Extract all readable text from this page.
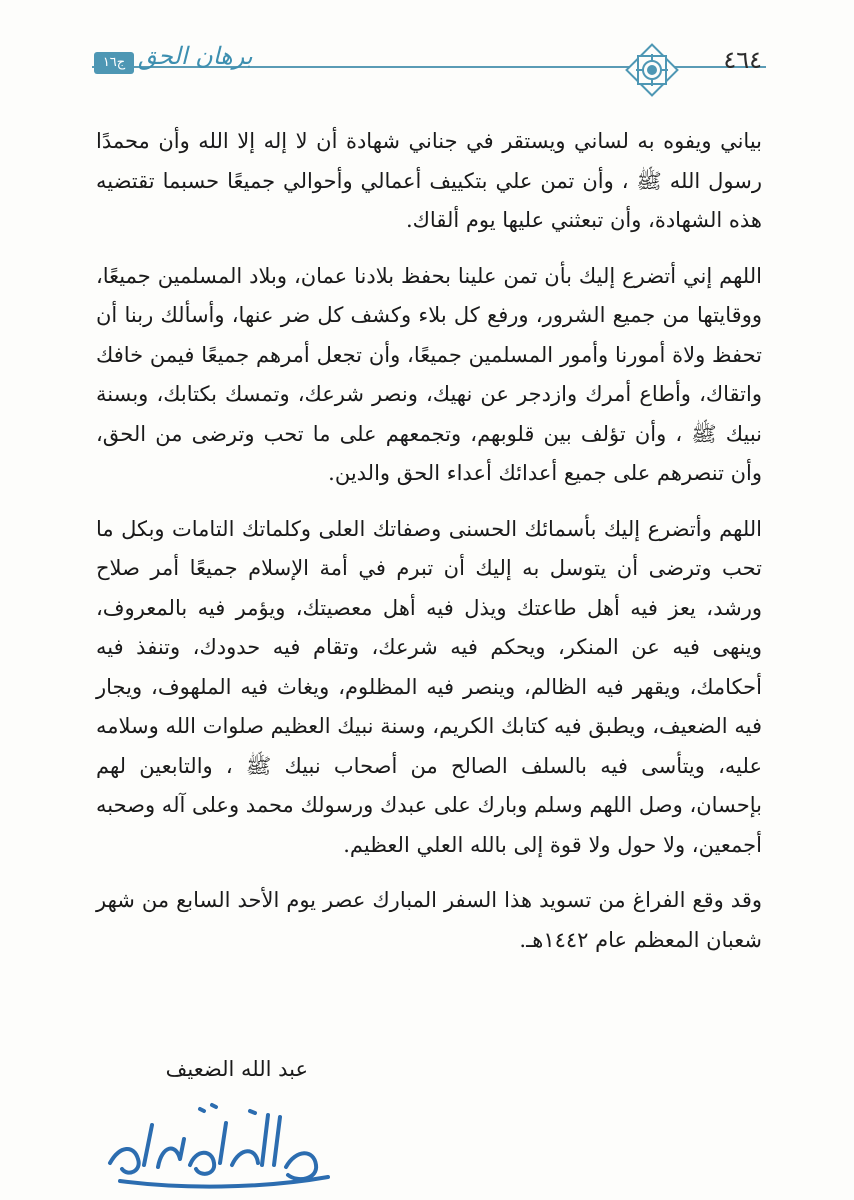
ج١٦ برهان الحق	٤٦٤

بياني ويفوه به لساني ويستقر في جناني شهادة أن لا إله إلا الله وأن محمدًا رسول الله ﷺ ، وأن تمن علي بتكييف أعمالي وأحوالي جميعًا حسبما تقتضيه هذه الشهادة، وأن تبعثني عليها يوم ألقاك.

اللهم إني أتضرع إليك بأن تمن علينا بحفظ بلادنا عمان، وبلاد المسلمين جميعًا، ووقايتها من جميع الشرور، ورفع كل بلاء وكشف كل ضر عنها، وأسألك ربنا أن تحفظ ولاة أمورنا وأمور المسلمين جميعًا، وأن تجعل أمرهم جميعًا فيمن خافك واتقاك، وأطاع أمرك وازدجر عن نهيك، ونصر شرعك، وتمسك بكتابك، وبسنة نبيك ﷺ ، وأن تؤلف بين قلوبهم، وتجمعهم على ما تحب وترضى من الحق، وأن تنصرهم على جميع أعدائك أعداء الحق والدين.

اللهم وأتضرع إليك بأسمائك الحسنى وصفاتك العلى وكلماتك التامات وبكل ما تحب وترضى أن يتوسل به إليك أن تبرم في أمة الإسلام جميعًا أمر صلاح ورشد، يعز فيه أهل طاعتك ويذل فيه أهل معصيتك، ويؤمر فيه بالمعروف، وينهى فيه عن المنكر، ويحكم فيه شرعك، وتقام فيه حدودك، وتنفذ فيه أحكامك، ويقهر فيه الظالم، وينصر فيه المظلوم، ويغاث فيه الملهوف، ويجار فيه الضعيف، ويطبق فيه كتابك الكريم، وسنة نبيك العظيم صلوات الله وسلامه عليه، ويتأسى فيه بالسلف الصالح من أصحاب نبيك ﷺ ، والتابعين لهم بإحسان، وصل اللهم وسلم وبارك على عبدك ورسولك محمد وعلى آله وصحبه أجمعين، ولا حول ولا قوة إلى بالله العلي العظيم.

وقد وقع الفراغ من تسويد هذا السفر المبارك عصر يوم الأحد السابع من شهر شعبان المعظم عام ١٤٤٢هـ.

عبد الله الضعيف
